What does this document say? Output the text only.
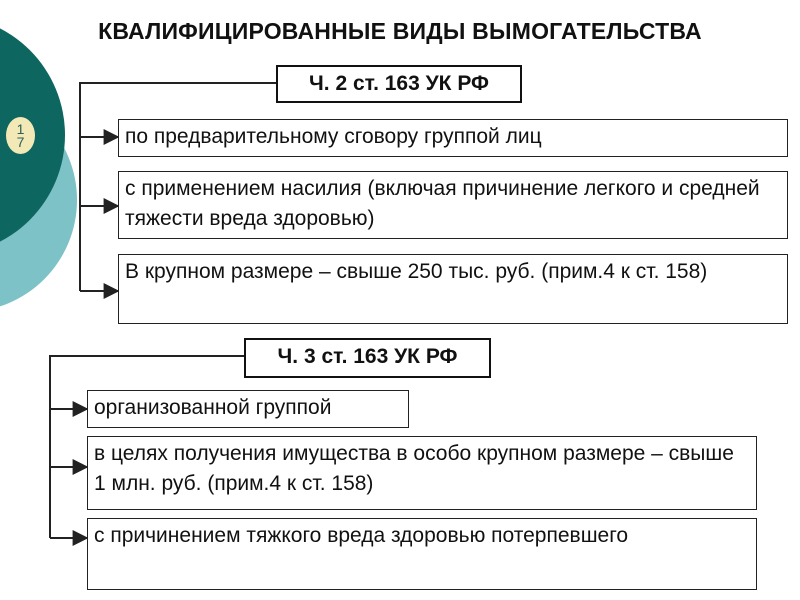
1
7
КВАЛИФИЦИРОВАННЫЕ ВИДЫ ВЫМОГАТЕЛЬСТВА
Ч. 2 ст. 163 УК РФ
по предварительному сговору группой лиц
с применением насилия (включая причинение легкого и средней тяжести вреда здоровью)
В крупном размере – свыше 250 тыс. руб. (прим.4 к ст. 158)
Ч. 3 ст. 163 УК РФ
организованной группой
в целях получения имущества в особо крупном размере – свыше 1 млн. руб. (прим.4 к ст. 158)
с причинением тяжкого вреда здоровью потерпевшего
